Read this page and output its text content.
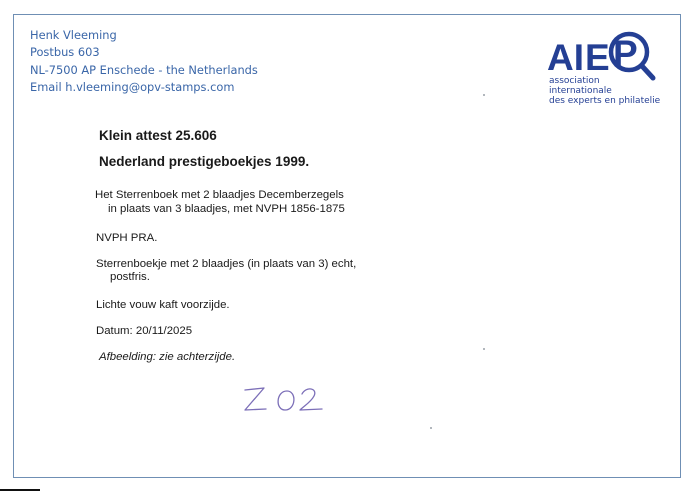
Henk Vleeming
Postbus 603
NL-7500 AP Enschede - the Netherlands
Email h.vleeming@opv-stamps.com
AI E P
association
internationale
des experts en philatelie
Klein attest 25.606
Nederland prestigeboekjes 1999.
Het Sterrenboek met 2 blaadjes Decemberzegels
in plaats van 3 blaadjes, met NVPH 1856-1875
NVPH PRA.
Sterrenboekje met 2 blaadjes (in plaats van 3) echt,
postfris.
Lichte vouw kaft voorzijde.
Datum: 20/11/2025
Afbeelding: zie achterzijde.
